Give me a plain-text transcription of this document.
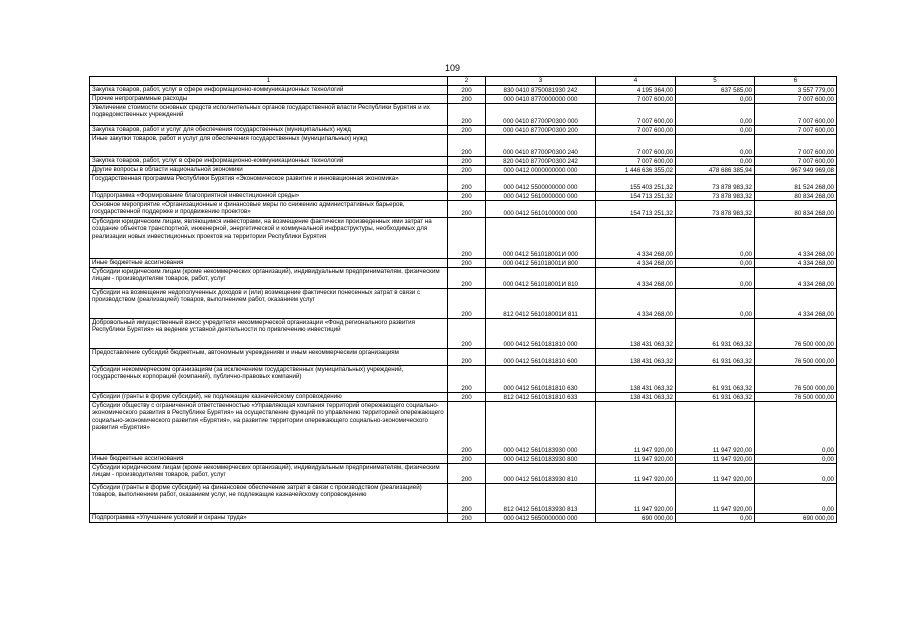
109
1	2	3	4	5	6
Закупка товаров, работ, услуг в сфере информационно-коммуникационных технологий	200	830 0410 8750081930 242	4 195 364,00	637 585,00	3 557 779,00
Прочие непрограммные расходы	200	000 0410 8770000000 000	7 007 600,00	0,00	7 007 600,00
Увеличение стоимости основных средств исполнительных органов государственной власти Республики Бурятия и их подведомственных учреждений	200	000 0410 87700Р0300 000	7 007 600,00	0,00	7 007 600,00
Закупка товаров, работ и услуг для обеспечения государственных (муниципальных) нужд	200	000 0410 87700Р0300 200	7 007 600,00	0,00	7 007 600,00
Иные закупки товаров, работ и услуг для обеспечения государственных (муниципальных) нужд	200	000 0410 87700Р0300 240	7 007 600,00	0,00	7 007 600,00
Закупка товаров, работ, услуг в сфере информационно-коммуникационных технологий	200	820 0410 87700Р0300 242	7 007 600,00	0,00	7 007 600,00
Другие вопросы в области национальной экономики	200	000 0412 0000000000 000	1 446 636 355,02	478 686 385,94	967 949 969,08
Государственная программа Республики Бурятия «Экономическое развитие и инновационная экономика»	200	000 0412 5500000000 000	155 403 251,32	73 878 983,32	81 524 268,00
Подпрограмма «Формирование благоприятной инвестиционной среды»	200	000 0412 5610000000 000	154 713 251,32	73 878 983,32	80 834 268,00
Основное мероприятие «Организационные и финансовые меры по снижению административных барьеров, государственной поддержке и продвижению проектов»	200	000 0412 5610100000 000	154 713 251,32	73 878 983,32	80 834 268,00
Субсидии юридическим лицам, являющимся инвесторами, на возмещение фактически произведенных ими затрат на создание объектов транспортной, инженерной, энергетической и коммунальной инфраструктуры, необходимых для реализации новых инвестиционных проектов на территории Республики Бурятия	200	000 0412 561018001И 000	4 334 268,00	0,00	4 334 268,00
Иные бюджетные ассигнования	200	000 0412 561018001И 800	4 334 268,00	0,00	4 334 268,00
Субсидии юридическим лицам (кроме некоммерческих организаций), индивидуальным предпринимателям, физическим лицам - производителям товаров, работ, услуг	200	000 0412 561018001И 810	4 334 268,00	0,00	4 334 268,00
Субсидии на возмещение недополученных доходов и (или) возмещение фактически понесенных затрат в связи с производством (реализацией) товаров, выполнением работ, оказанием услуг	200	812 0412 561018001И 811	4 334 268,00	0,00	4 334 268,00
Добровольный имущественный взнос учредителя некоммерческой организации «Фонд регионального развития Республики Бурятия» на ведение уставной деятельности по привлечению инвестиций	200	000 0412 5610181810 000	138 431 063,32	61 931 063,32	76 500 000,00
Предоставление субсидий бюджетным, автономным учреждениям и иным некоммерческим организациям	200	000 0412 5610181810 600	138 431 063,32	61 931 063,32	76 500 000,00
Субсидии некоммерческим организациям (за исключением государственных (муниципальных) учреждений, государственных корпораций (компаний), публично-правовых компаний)	200	000 0412 5610181810 630	138 431 063,32	61 931 063,32	76 500 000,00
Субсидии (гранты в форме субсидий), не подлежащие казначейскому сопровождению	200	812 0412 5610181810 633	138 431 063,32	61 931 063,32	76 500 000,00
Субсидии обществу с ограниченной ответственностью «Управляющая компания территорий опережающего социально-экономического развития в Республике Бурятия» на осуществление функций по управлению территорией опережающего социально-экономического развития «Бурятия», на развитие территории опережающего социально-экономического развития «Бурятия»	200	000 0412 5610183930 000	11 947 920,00	11 947 920,00	0,00
Иные бюджетные ассигнования	200	000 0412 5610183930 800	11 947 920,00	11 947 920,00	0,00
Субсидии юридическим лицам (кроме некоммерческих организаций), индивидуальным предпринимателям, физическим лицам - производителям товаров, работ, услуг	200	000 0412 5610183930 810	11 947 920,00	11 947 920,00	0,00
Субсидии (гранты в форме субсидий) на финансовое обеспечение затрат в связи с производством (реализацией) товаров, выполнением работ, оказанием услуг, не подлежащие казначейскому сопровождению	200	812 0412 5610183930 813	11 947 920,00	11 947 920,00	0,00
Подпрограмма «Улучшение условий и охраны труда»	200	000 0412 5650000000 000	690 000,00	0,00	690 000,00
